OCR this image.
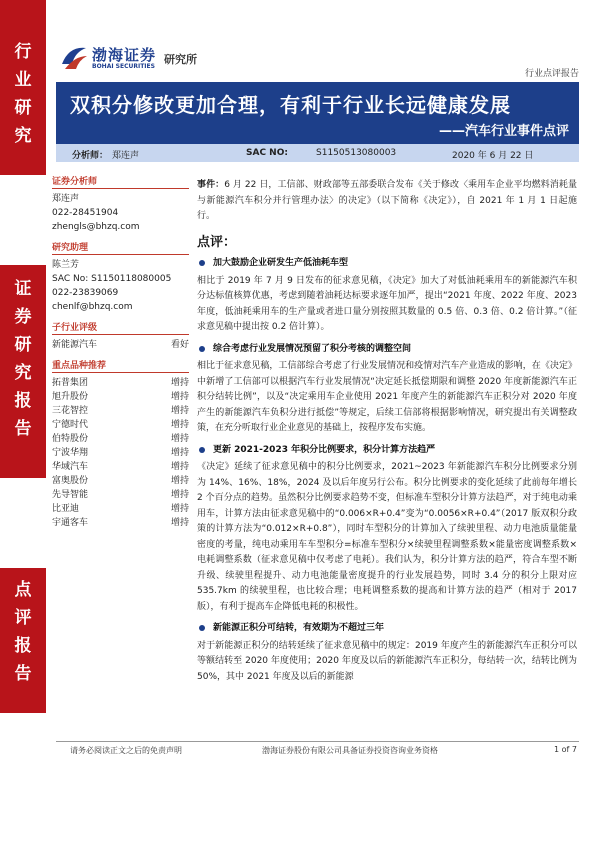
行
业
研
究
证
券
研
究
报
告
点
评
报
告
渤海证券
BOHAI SECURITIES
研究所
行业点评报告
双积分修改更加合理，有利于行业长远健康发展
——汽车行业事件点评
分析师： 郑连声	SAC NO:	S1150513080003	2020 年 6 月 22 日
证券分析师
郑连声
022-28451904
zhengls@bhzq.com
研究助理
陈兰芳
SAC No: S1150118080005
022-23839069
chenlf@bhzq.com
子行业评级
新能源汽车	看好
重点品种推荐
拓普集团	增持
旭升股份	增持
三花智控	增持
宁德时代	增持
伯特股份	增持
宁波华翔	增持
华域汽车	增持
富奥股份	增持
先导智能	增持
比亚迪	增持
宇通客车	增持

事件：6 月 22 日，工信部、财政部等五部委联合发布《关于修改〈乘用车企业平均燃料消耗量与新能源汽车积分并行管理办法〉的决定》（以下简称《决定》），自 2021 年 1 月 1 日起施行。

点评：
加大鼓励企业研发生产低油耗车型

相比于 2019 年 7 月 9 日发布的征求意见稿，《决定》加大了对低油耗乘用车的新能源汽车积分达标值核算优惠，考虑到随着油耗达标要求逐年加严，提出“2021 年度、2022 年度、2023 年度，低油耗乘用车的生产量或者进口量分别按照其数量的 0.5 倍、0.3 倍、0.2 倍计算。”（征求意见稿中提出按 0.2 倍计算）。

综合考虑行业发展情况预留了积分考核的调整空间

相比于征求意见稿，工信部综合考虑了行业发展情况和疫情对汽车产业造成的影响，在《决定》中新增了工信部可以根据汽车行业发展情况“决定延长抵偿期限和调整 2020 年度新能源汽车正积分结转比例”，以及“决定乘用车企业使用 2021 年度产生的新能源汽车正积分对 2020 年度产生的新能源汽车负积分进行抵偿”等规定，后续工信部将根据影响情况，研究提出有关调整政策，在充分听取行业企业意见的基础上，按程序发布实施。

更新 2021-2023 年积分比例要求，积分计算方法趋严

《决定》延续了征求意见稿中的积分比例要求，2021~2023 年新能源汽车积分比例要求分别为 14%、16%、18%，2024 及以后年度另行公布。积分比例要求的变化延续了此前每年增长 2 个百分点的趋势。虽然积分比例要求趋势不变，但标准车型积分计算方法趋严，对于纯电动乘用车，计算方法由征求意见稿中的“0.006×R+0.4”变为“0.0056×R+0.4”（2017 版双积分政策的计算方法为“0.012×R+0.8”），同时车型积分的计算加入了续驶里程、动力电池质量能量密度的考量，纯电动乘用车车型积分=标准车型积分×续驶里程调整系数×能量密度调整系数×电耗调整系数（征求意见稿中仅考虑了电耗）。我们认为，积分计算方法的趋严，符合车型不断升级、续驶里程提升、动力电池能量密度提升的行业发展趋势，同时 3.4 分的积分上限对应 535.7km 的续驶里程，也比较合理；电耗调整系数的提高和计算方法的趋严（相对于 2017 版），有利于提高车企降低电耗的积极性。

新能源正积分可结转，有效期为不超过三年

对于新能源正积分的结转延续了征求意见稿中的规定：2019 年度产生的新能源汽车正积分可以等额结转至 2020 年度使用；2020 年度及以后的新能源汽车正积分，每结转一次，结转比例为 50%，其中 2021 年度及以后的新能源

请务必阅读正文之后的免责声明	渤海证券股份有限公司具备证券投资咨询业务资格	1 of 7
